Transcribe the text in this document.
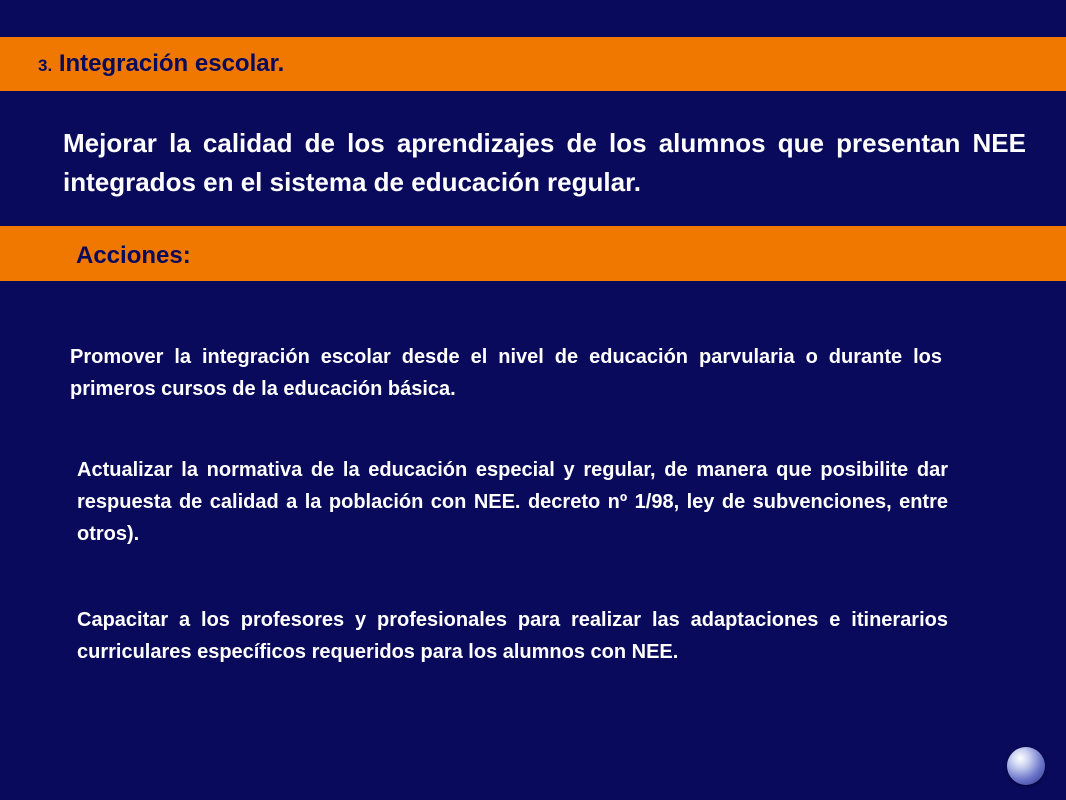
3. Integración escolar.
Mejorar la calidad de los aprendizajes de los alumnos que presentan NEE integrados en el sistema de educación regular.
Acciones:
Promover la integración escolar desde el nivel de educación parvularia o durante los primeros cursos de la educación básica.
Actualizar la normativa de la educación especial y regular, de manera que posibilite dar respuesta de calidad a la población con NEE. decreto nº 1/98, ley de subvenciones, entre otros).
Capacitar a los profesores y profesionales para realizar las adaptaciones e itinerarios curriculares específicos requeridos para los alumnos con NEE.
